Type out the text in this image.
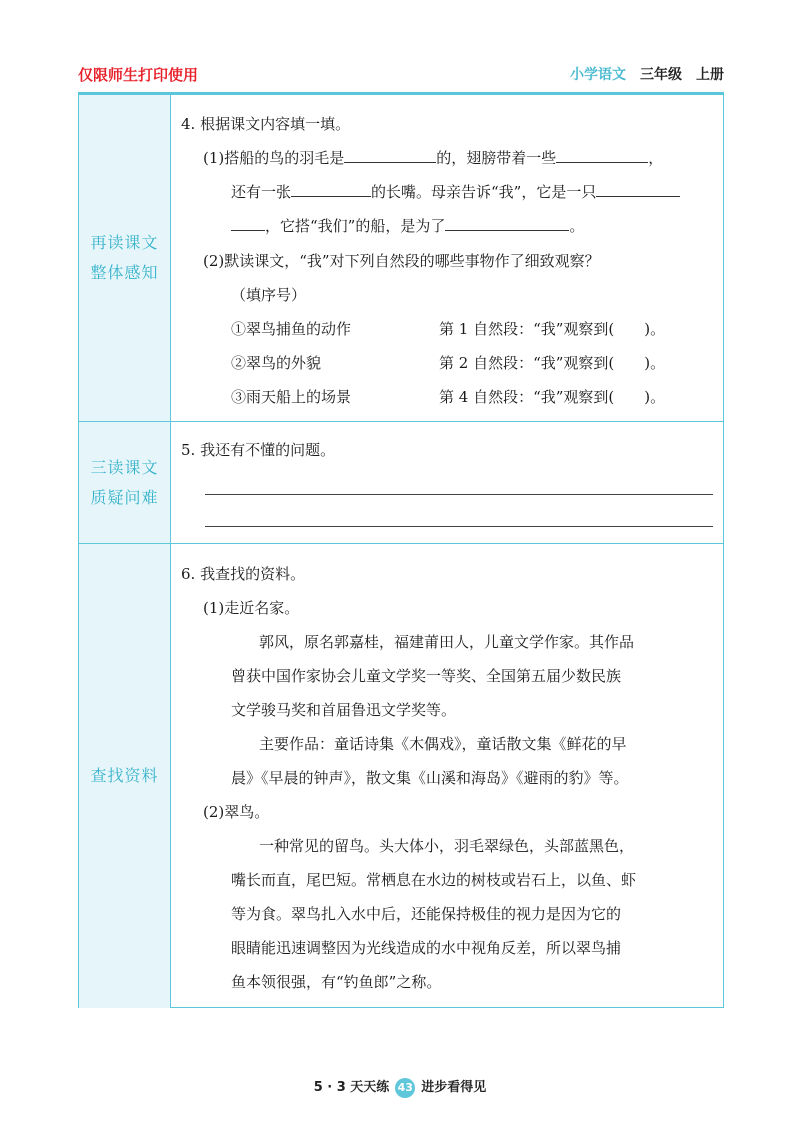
仅限师生打印使用	小学语文 三年级 上册
再读课文
整体感知
4. 根据课文内容填一填。
(1)搭船的鸟的羽毛是	的，翅膀带着一些	，
还有一张	的长嘴。母亲告诉“我”，它是一只
，它搭“我们”的船，是为了	。
(2)默读课文，“我”对下列自然段的哪些事物作了细致观察？
（填序号）
①翠鸟捕鱼的动作	第 1 自然段：“我”观察到(　　)。
②翠鸟的外貌	第 2 自然段：“我”观察到(　　)。
③雨天船上的场景	第 4 自然段：“我”观察到(　　)。
三读课文
质疑问难
5. 我还有不懂的问题。
查找资料
6. 我查找的资料。
(1)走近名家。
郭风，原名郭嘉桂，福建莆田人，儿童文学作家。其作品
曾获中国作家协会儿童文学奖一等奖、全国第五届少数民族
文学骏马奖和首届鲁迅文学奖等。
主要作品：童话诗集《木偶戏》，童话散文集《鲜花的早
晨》《早晨的钟声》，散文集《山溪和海岛》《避雨的豹》等。
(2)翠鸟。
一种常见的留鸟。头大体小，羽毛翠绿色，头部蓝黑色，
嘴长而直，尾巴短。常栖息在水边的树枝或岩石上，以鱼、虾
等为食。翠鸟扎入水中后，还能保持极佳的视力是因为它的
眼睛能迅速调整因为光线造成的水中视角反差，所以翠鸟捕
鱼本领很强，有“钓鱼郎”之称。
5 · 3 天天练 43 进步看得见
